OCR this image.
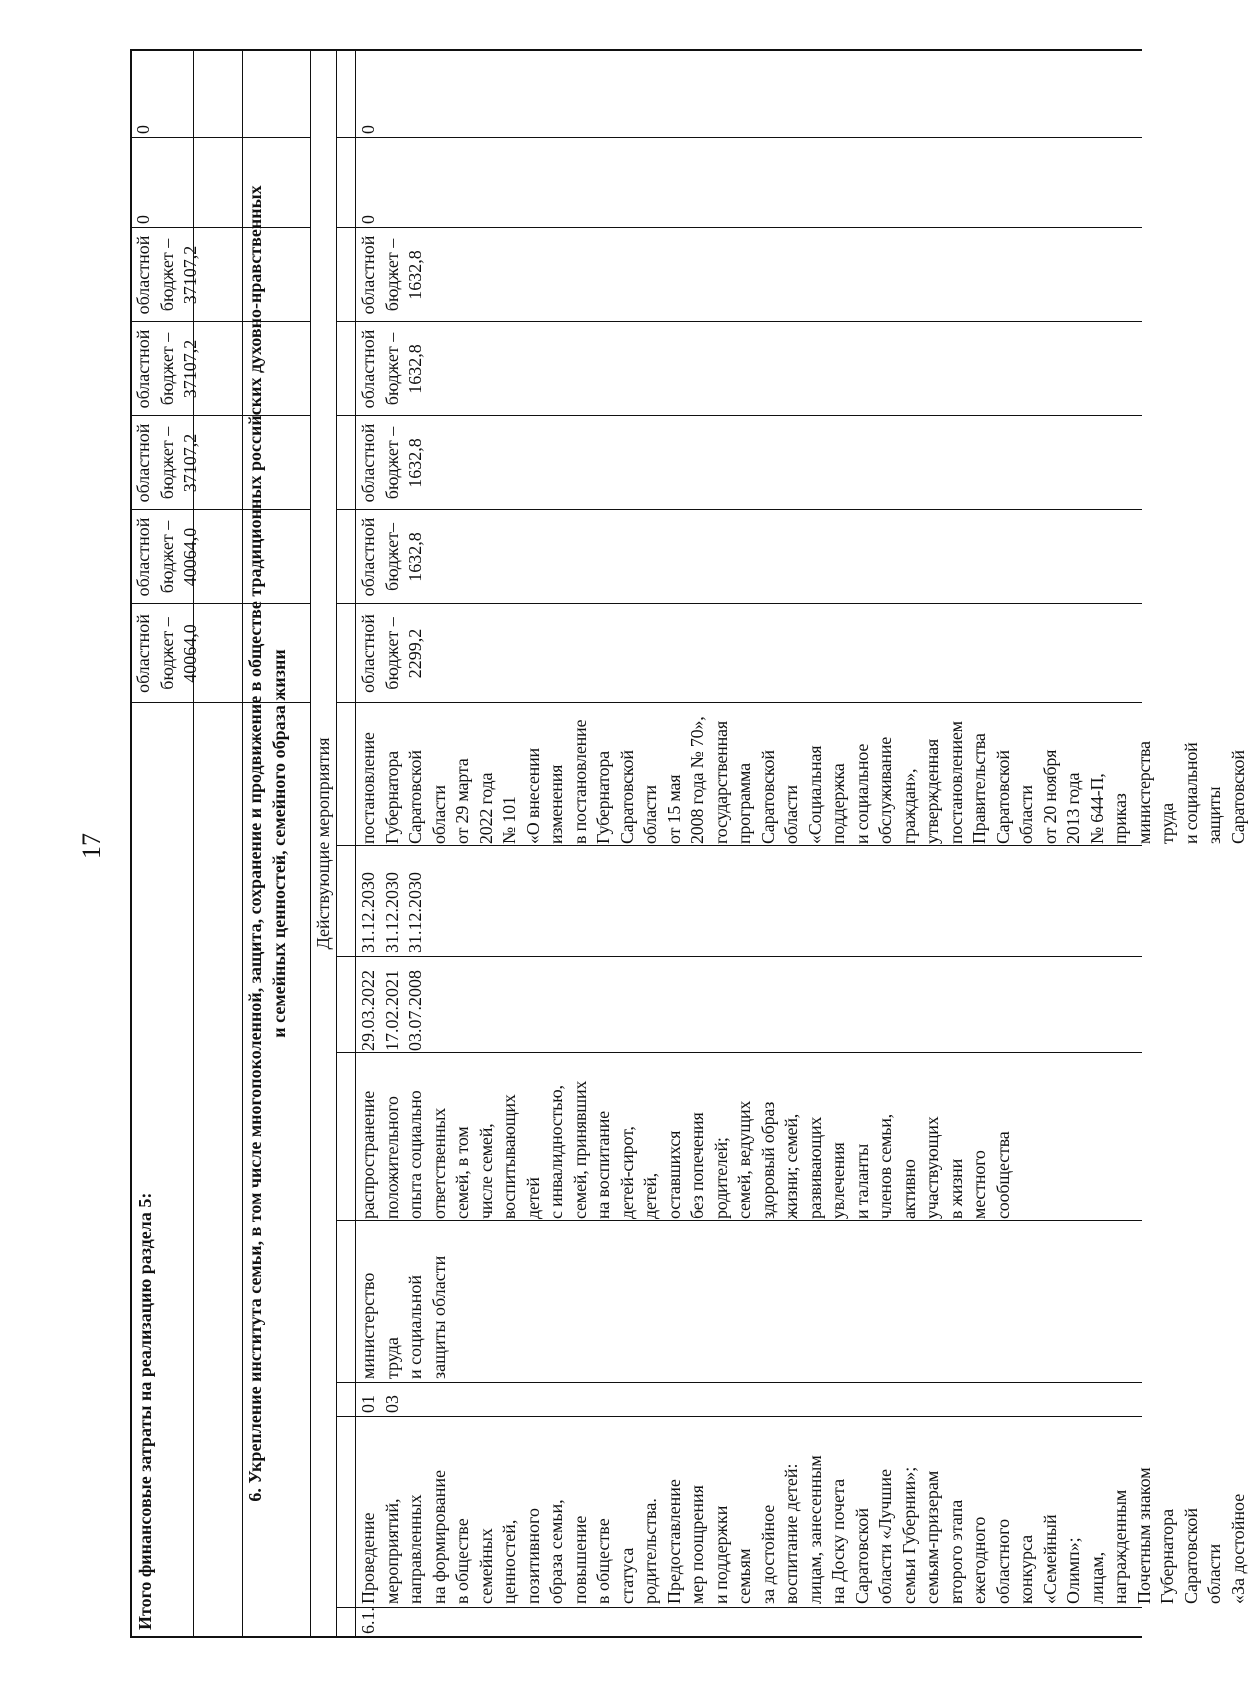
17
Итого финансовые затраты на реализацию раздела 5:
областной
бюджет –
40064,0
областной
бюджет –
40064,0
областной
бюджет –
37107,2
областной
бюджет –
37107,2
областной
бюджет –
37107,2
0
0
6. Укрепление института семьи, в том числе многопоколенной, защита, сохранение и продвижение в обществе традиционных российских духовно-нравственных
и семейных ценностей, семейного образа жизни
Действующие мероприятия
6.1.
Проведение
мероприятий,
направленных
на формирование
в обществе
семейных
ценностей,
позитивного
образа семьи,
повышение
в обществе
статуса
родительства.
Предоставление
мер поощрения
и поддержки
семьям
за достойное
воспитание детей:
лицам, занесенным
на Доску почета
Саратовской
области «Лучшие
семьи Губернии»;
семьям-призерам
второго этапа
ежегодного
областного
конкурса
«Семейный
Олимп»;
лицам,
награжденным
Почетным знаком
Губернатора
Саратовской
области
«За достойное
01
03
министерство
труда
и социальной
защиты области
распространение
положительного
опыта социально
ответственных
семей, в том
числе семей,
воспитывающих
детей
с инвалидностью,
семей, принявших
на воспитание
детей-сирот,
детей,
оставшихся
без попечения
родителей;
семей, ведущих
здоровый образ
жизни; семей,
развивающих
увлечения
и таланты
членов семьи,
активно
участвующих
в жизни
местного
сообщества
29.03.2022
17.02.2021
03.07.2008
31.12.2030
31.12.2030
31.12.2030
постановление
Губернатора
Саратовской
области
от 29 марта
2022 года
№ 101
«О внесении
изменения
в постановление
Губернатора
Саратовской
области
от 15 мая
2008 года № 70»,
государственная
программа
Саратовской
области
«Социальная
поддержка
и социальное
обслуживание
граждан»,
утвержденная
постановлением
Правительства
Саратовской
области
от 20 ноября
2013 года
№ 644-П,
приказ
министерства
труда
и социальной
защиты
Саратовской
областной
бюджет –
2299,2
областной
бюджет–
1632,8
областной
бюджет –
1632,8
областной
бюджет –
1632,8
областной
бюджет –
1632,8
0
0
